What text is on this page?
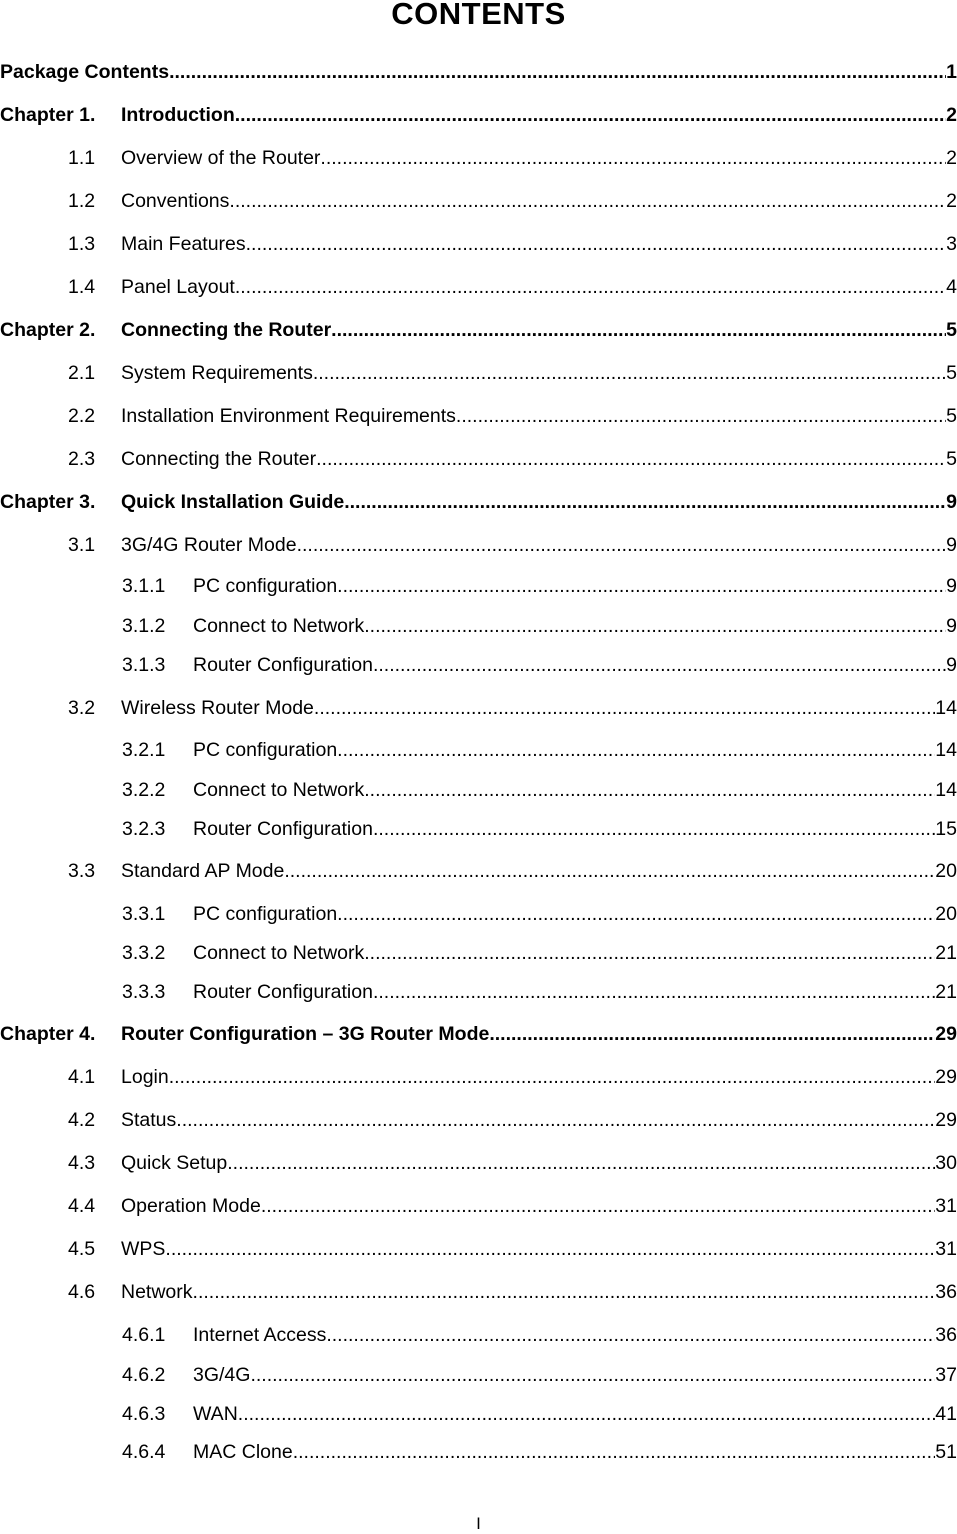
CONTENTS
Package Contents .....	1
Chapter 1. Introduction .....	2
1.1 Overview of the Router .....	2
1.2 Conventions .....	2
1.3 Main Features .....	3
1.4 Panel Layout .....	4
Chapter 2. Connecting the Router .....	5
2.1 System Requirements .....	5
2.2 Installation Environment Requirements .....	5
2.3 Connecting the Router .....	5
Chapter 3. Quick Installation Guide .....	9
3.1 3G/4G Router Mode .....	9
3.1.1 PC configuration .....	9
3.1.2 Connect to Network .....	9
3.1.3 Router Configuration .....	9
3.2 Wireless Router Mode .....	14
3.2.1 PC configuration .....	14
3.2.2 Connect to Network .....	14
3.2.3 Router Configuration .....	15
3.3 Standard AP Mode .....	20
3.3.1 PC configuration .....	20
3.3.2 Connect to Network .....	21
3.3.3 Router Configuration .....	21
Chapter 4. Router Configuration – 3G Router Mode .....	29
4.1 Login .....	29
4.2 Status .....	29
4.3 Quick Setup .....	30
4.4 Operation Mode .....	31
4.5 WPS .....	31
4.6 Network .....	36
4.6.1 Internet Access .....	36
4.6.2 3G/4G .....	37
4.6.3 WAN .....	41
4.6.4 MAC Clone .....	51
I
